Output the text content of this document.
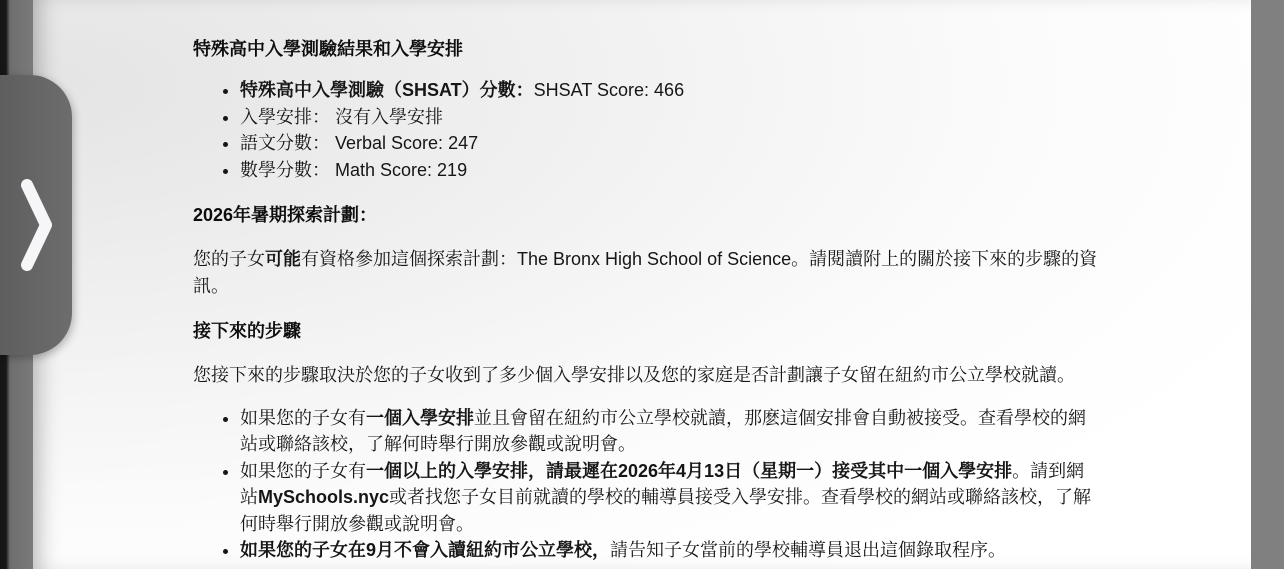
特殊高中入學測驗結果和入學安排
• 特殊高中入學測驗（SHSAT）分數：SHSAT Score: 466
• 入學安排： 沒有入學安排
• 語文分數： Verbal Score: 247
• 數學分數： Math Score: 219
2026年暑期探索計劃：

您的子女可能有資格參加這個探索計劃：The Bronx High School of Science。請閱讀附上的關於接下來的步驟的資訊。

接下來的步驟

您接下來的步驟取決於您的子女收到了多少個入學安排以及您的家庭是否計劃讓子女留在紐約市公立學校就讀。

• 如果您的子女有一個入學安排並且會留在紐約市公立學校就讀，那麽這個安排會自動被接受。查看學校的網站或聯絡該校，了解何時舉行開放參觀或說明會。
• 如果您的子女有一個以上的入學安排，請最遲在2026年4月13日（星期一）接受其中一個入學安排。請到網站MySchools.nyc或者找您子女目前就讀的學校的輔導員接受入學安排。查看學校的網站或聯絡該校，了解何時舉行開放參觀或說明會。
• 如果您的子女在9月不會入讀紐約市公立學校，請告知子女當前的學校輔導員退出這個錄取程序。
